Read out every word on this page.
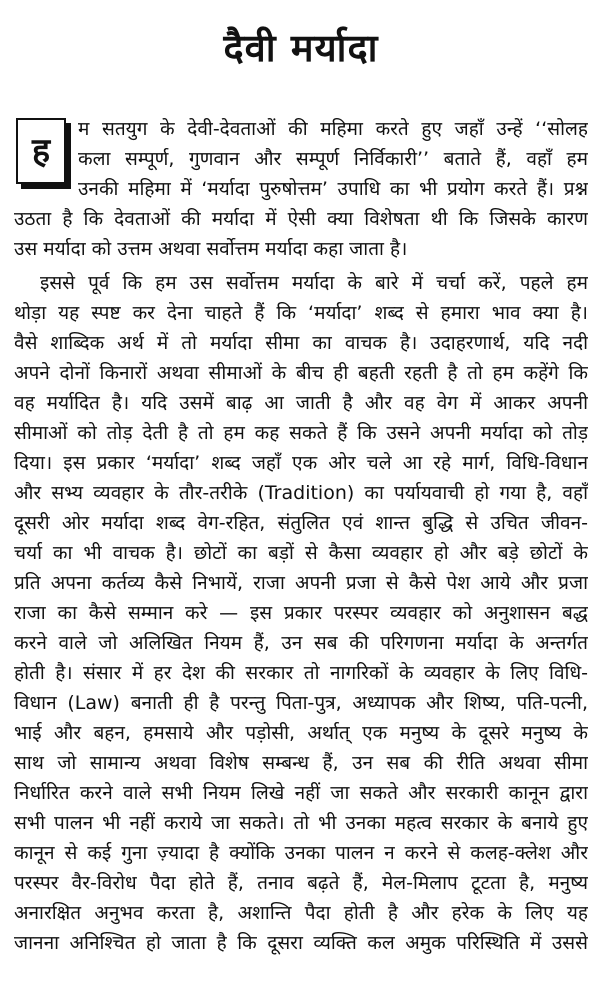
दैवी मर्यादा
ह
म सतयुग के देवी-देवताओं की महिमा करते हुए जहाँ उन्हें ‘‘सोलह
कला सम्पूर्ण, गुणवान और सम्पूर्ण निर्विकारी’’ बताते हैं, वहाँ हम
उनकी महिमा में ‘मर्यादा पुरुषोत्तम’ उपाधि का भी प्रयोग करते हैं। प्रश्न
उठता है कि देवताओं की मर्यादा में ऐसी क्या विशेषता थी कि जिसके कारण
उस मर्यादा को उत्तम अथवा सर्वोत्तम मर्यादा कहा जाता है।
इससे पूर्व कि हम उस सर्वोत्तम मर्यादा के बारे में चर्चा करें, पहले हम
थोड़ा यह स्पष्ट कर देना चाहते हैं कि ‘मर्यादा’ शब्द से हमारा भाव क्या है।
वैसे शाब्दिक अर्थ में तो मर्यादा सीमा का वाचक है। उदाहरणार्थ, यदि नदी
अपने दोनों किनारों अथवा सीमाओं के बीच ही बहती रहती है तो हम कहेंगे कि
वह मर्यादित है। यदि उसमें बाढ़ आ जाती है और वह वेग में आकर अपनी
सीमाओं को तोड़ देती है तो हम कह सकते हैं कि उसने अपनी मर्यादा को तोड़
दिया। इस प्रकार ‘मर्यादा’ शब्द जहाँ एक ओर चले आ रहे मार्ग, विधि-विधान
और सभ्य व्यवहार के तौर-तरीके (Tradition) का पर्यायवाची हो गया है, वहाँ
दूसरी ओर मर्यादा शब्द वेग-रहित, संतुलित एवं शान्त बुद्धि से उचित जीवन-
चर्या का भी वाचक है। छोटों का बड़ों से कैसा व्यवहार हो और बड़े छोटों के
प्रति अपना कर्तव्य कैसे निभायें, राजा अपनी प्रजा से कैसे पेश आये और प्रजा
राजा का कैसे सम्मान करे — इस प्रकार परस्पर व्यवहार को अनुशासन बद्ध
करने वाले जो अलिखित नियम हैं, उन सब की परिगणना मर्यादा के अन्तर्गत
होती है। संसार में हर देश की सरकार तो नागरिकों के व्यवहार के लिए विधि-
विधान (Law) बनाती ही है परन्तु पिता-पुत्र, अध्यापक और शिष्य, पति-पत्नी,
भाई और बहन, हमसाये और पड़ोसी, अर्थात् एक मनुष्य के दूसरे मनुष्य के
साथ जो सामान्य अथवा विशेष सम्बन्ध हैं, उन सब की रीति अथवा सीमा
निर्धारित करने वाले सभी नियम लिखे नहीं जा सकते और सरकारी कानून द्वारा
सभी पालन भी नहीं कराये जा सकते। तो भी उनका महत्व सरकार के बनाये हुए
कानून से कई गुना ज़्यादा है क्योंकि उनका पालन न करने से कलह-क्लेश और
परस्पर वैर-विरोध पैदा होते हैं, तनाव बढ़ते हैं, मेल-मिलाप टूटता है, मनुष्य
अनारक्षित अनुभव करता है, अशान्ति पैदा होती है और हरेक के लिए यह
जानना अनिश्चित हो जाता है कि दूसरा व्यक्ति कल अमुक परिस्थिति में उससे
